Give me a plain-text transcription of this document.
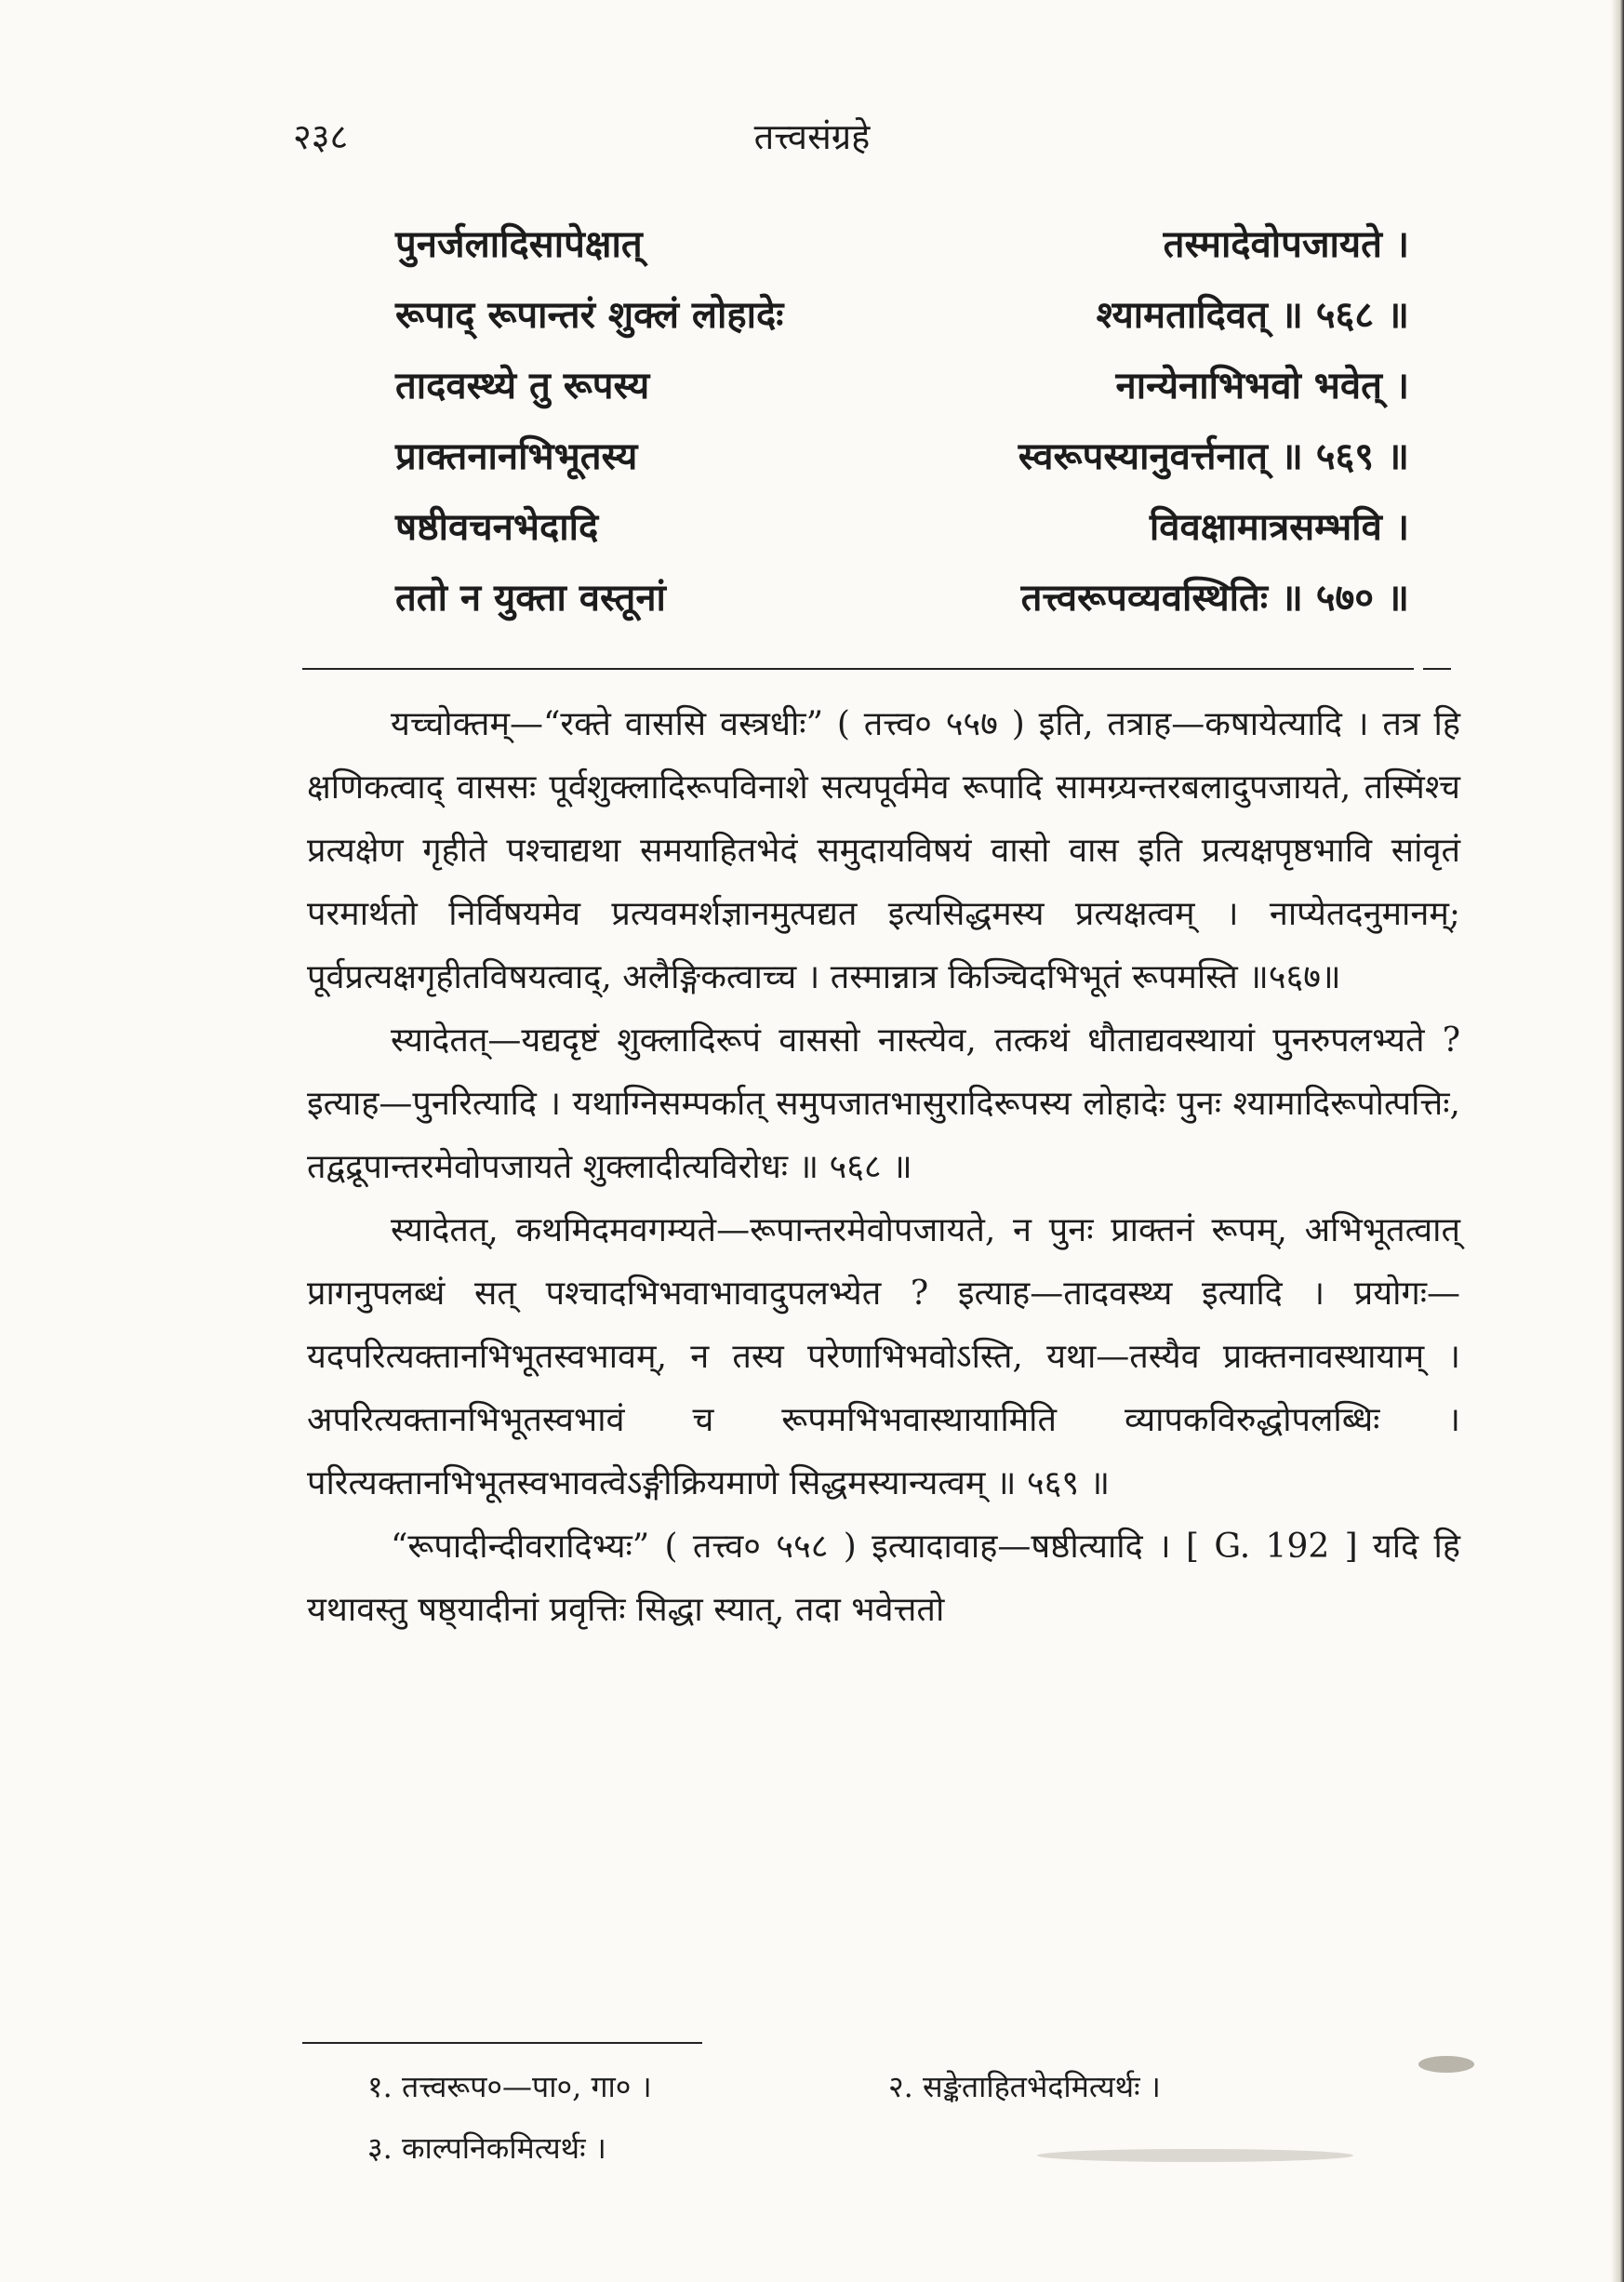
२३८	तत्त्वसंग्रहे
पुनर्जलादिसापेक्षात्	तस्मादेवोपजायते ।
रूपाद् रूपान्तरं शुक्लं लोहादेः	श्यामतादिवत् ॥ ५६८ ॥
तादवस्थ्ये तु रूपस्य	नान्येनाभिभवो भवेत् ।
प्राक्तनानभिभूतस्य	स्वरूपस्यानुवर्त्तनात् ॥ ५६९ ॥
षष्ठीवचनभेदादि	विवक्षामात्रसम्भवि ।
ततो न युक्ता वस्तूनां	तत्त्वरूपव्यवस्थितिः ॥ ५७० ॥

यच्चोक्तम्—“रक्ते वाससि वस्त्रधीः” ( तत्त्व० ५५७ ) इति, तत्राह—कषायेत्यादि । तत्र हि क्षणिकत्वाद् वाससः पूर्वशुक्लादिरूपविनाशे सत्यपूर्वमेव रूपादि सामग्र्यन्तरबलादुपजायते, तस्मिंश्च प्रत्यक्षेण गृहीते पश्चाद्यथा समयाहितभेदं समुदायविषयं वासो वास इति प्रत्यक्षपृष्ठभावि सांवृतं परमार्थतो निर्विषयमेव प्रत्यवमर्शज्ञानमुत्पद्यत इत्यसिद्धमस्य प्रत्यक्षत्वम् । नाप्येतदनुमानम्; पूर्वप्रत्यक्षगृहीतविषयत्वाद्, अलैङ्गिकत्वाच्च । तस्मान्नात्र किञ्चिदभिभूतं रूपमस्ति ॥५६७॥

स्यादेतत्—यद्यदृष्टं शुक्लादिरूपं वाससो नास्त्येव, तत्कथं धौताद्यवस्थायां पुनरुपलभ्यते ? इत्याह—पुनरित्यादि । यथाग्निसम्पर्कात् समुपजातभासुरादिरूपस्य लोहादेः पुनः श्यामादिरूपोत्पत्तिः, तद्वद्रूपान्तरमेवोपजायते शुक्लादीत्यविरोधः ॥ ५६८ ॥

स्यादेतत्, कथमिदमवगम्यते—रूपान्तरमेवोपजायते, न पुनः प्राक्तनं रूपम्, अभिभूतत्वात् प्रागनुपलब्धं सत् पश्चादभिभवाभावादुपलभ्येत ? इत्याह—तादवस्थ्य इत्यादि । प्रयोगः—यदपरित्यक्तानभिभूतस्वभावम्, न तस्य परेणाभिभवोऽस्ति, यथा—तस्यैव प्राक्तनावस्थायाम् । अपरित्यक्तानभिभूतस्वभावं च रूपमभिभवास्थायामिति व्यापकविरुद्धोपलब्धिः । परित्यक्तानभिभूतस्वभावत्वेऽङ्गीक्रियमाणे सिद्धमस्यान्यत्वम् ॥ ५६९ ॥

“रूपादीन्दीवरादिभ्यः” ( तत्त्व० ५५८ ) इत्यादावाह—षष्ठीत्यादि । [ G. 192 ] यदि हि यथावस्तु षष्ठ्यादीनां प्रवृत्तिः सिद्धा स्यात्, तदा भवेत्ततो

१. तत्त्वरूप०—पा०, गा० ।	२. सङ्केताहितभेदमित्यर्थः ।
३. काल्पनिकमित्यर्थः ।
